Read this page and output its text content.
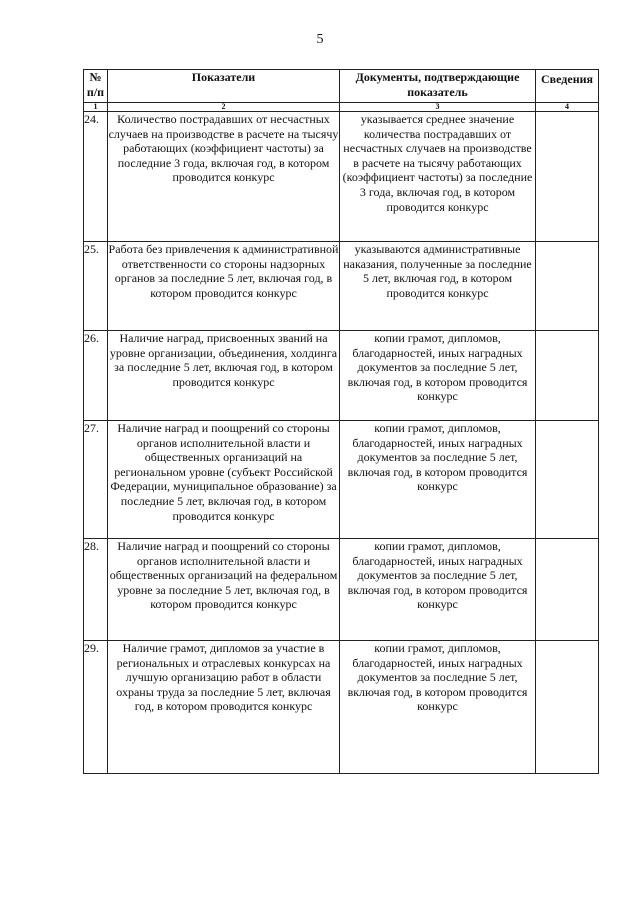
5
№ п/п	Показатели	Документы, подтверждающие показатель	Сведения
1	2	3	4
24.	Количество пострадавших от несчастных случаев на производстве в расчете на тысячу работающих (коэффициент частоты) за последние 3 года, включая год, в котором проводится конкурс	указывается среднее значение количества пострадавших от несчастных случаев на производстве в расчете на тысячу работающих (коэффициент частоты) за последние 3 года, включая год, в котором проводится конкурс	
25.	Работа без привлечения к административной ответственности со стороны надзорных органов за последние 5 лет, включая год, в котором проводится конкурс	указываются административные наказания, полученные за последние 5 лет, включая год, в котором проводится конкурс	
26.	Наличие наград, присвоенных званий на уровне организации, объединения, холдинга за последние 5 лет, включая год, в котором проводится конкурс	копии грамот, дипломов, благодарностей, иных наградных документов за последние 5 лет, включая год, в котором проводится конкурс	
27.	Наличие наград и поощрений со стороны органов исполнительной власти и общественных организаций на региональном уровне (субъект Российской Федерации, муниципальное образование) за последние 5 лет, включая год, в котором проводится конкурс	копии грамот, дипломов, благодарностей, иных наградных документов за последние 5 лет, включая год, в котором проводится конкурс	
28.	Наличие наград и поощрений со стороны органов исполнительной власти и общественных организаций на федеральном уровне за последние 5 лет, включая год, в котором проводится конкурс	копии грамот, дипломов, благодарностей, иных наградных документов за последние 5 лет, включая год, в котором проводится конкурс	
29.	Наличие грамот, дипломов за участие в региональных и отраслевых конкурсах на лучшую организацию работ в области охраны труда за последние 5 лет, включая год, в котором проводится конкурс	копии грамот, дипломов, благодарностей, иных наградных документов за последние 5 лет, включая год, в котором проводится конкурс	
